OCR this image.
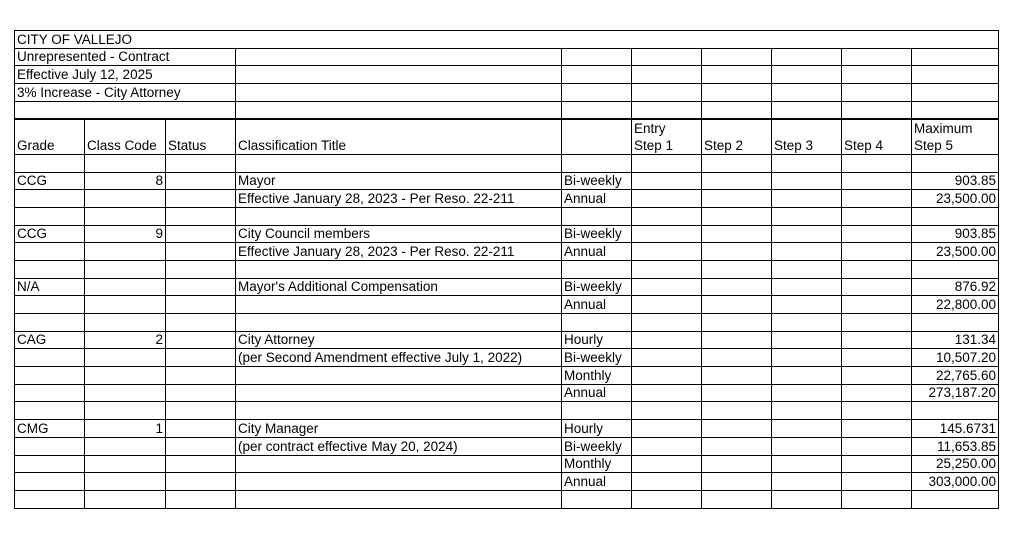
CITY OF VALLEJO									
Unrepresented - Contract									
Effective July 12, 2025									
3% Increase - City Attorney									

					Entry				Maximum
Grade	Class Code	Status	Classification Title		Step 1	Step 2	Step 3	Step 4	Step 5

CCG	8		Mayor	Bi-weekly					903.85
			Effective January 28, 2023 - Per Reso. 22-211	Annual					23,500.00

CCG	9		City Council members	Bi-weekly					903.85
			Effective January 28, 2023 - Per Reso. 22-211	Annual					23,500.00

N/A			Mayor's Additional Compensation	Bi-weekly					876.92
				Annual					22,800.00

CAG	2		City Attorney	Hourly					131.34
			(per Second Amendment effective July 1, 2022)	Bi-weekly					10,507.20
				Monthly					22,765.60
				Annual					273,187.20

CMG	1		City Manager	Hourly					145.6731
			(per contract effective May 20, 2024)	Bi-weekly					11,653.85
				Monthly					25,250.00
				Annual					303,000.00
